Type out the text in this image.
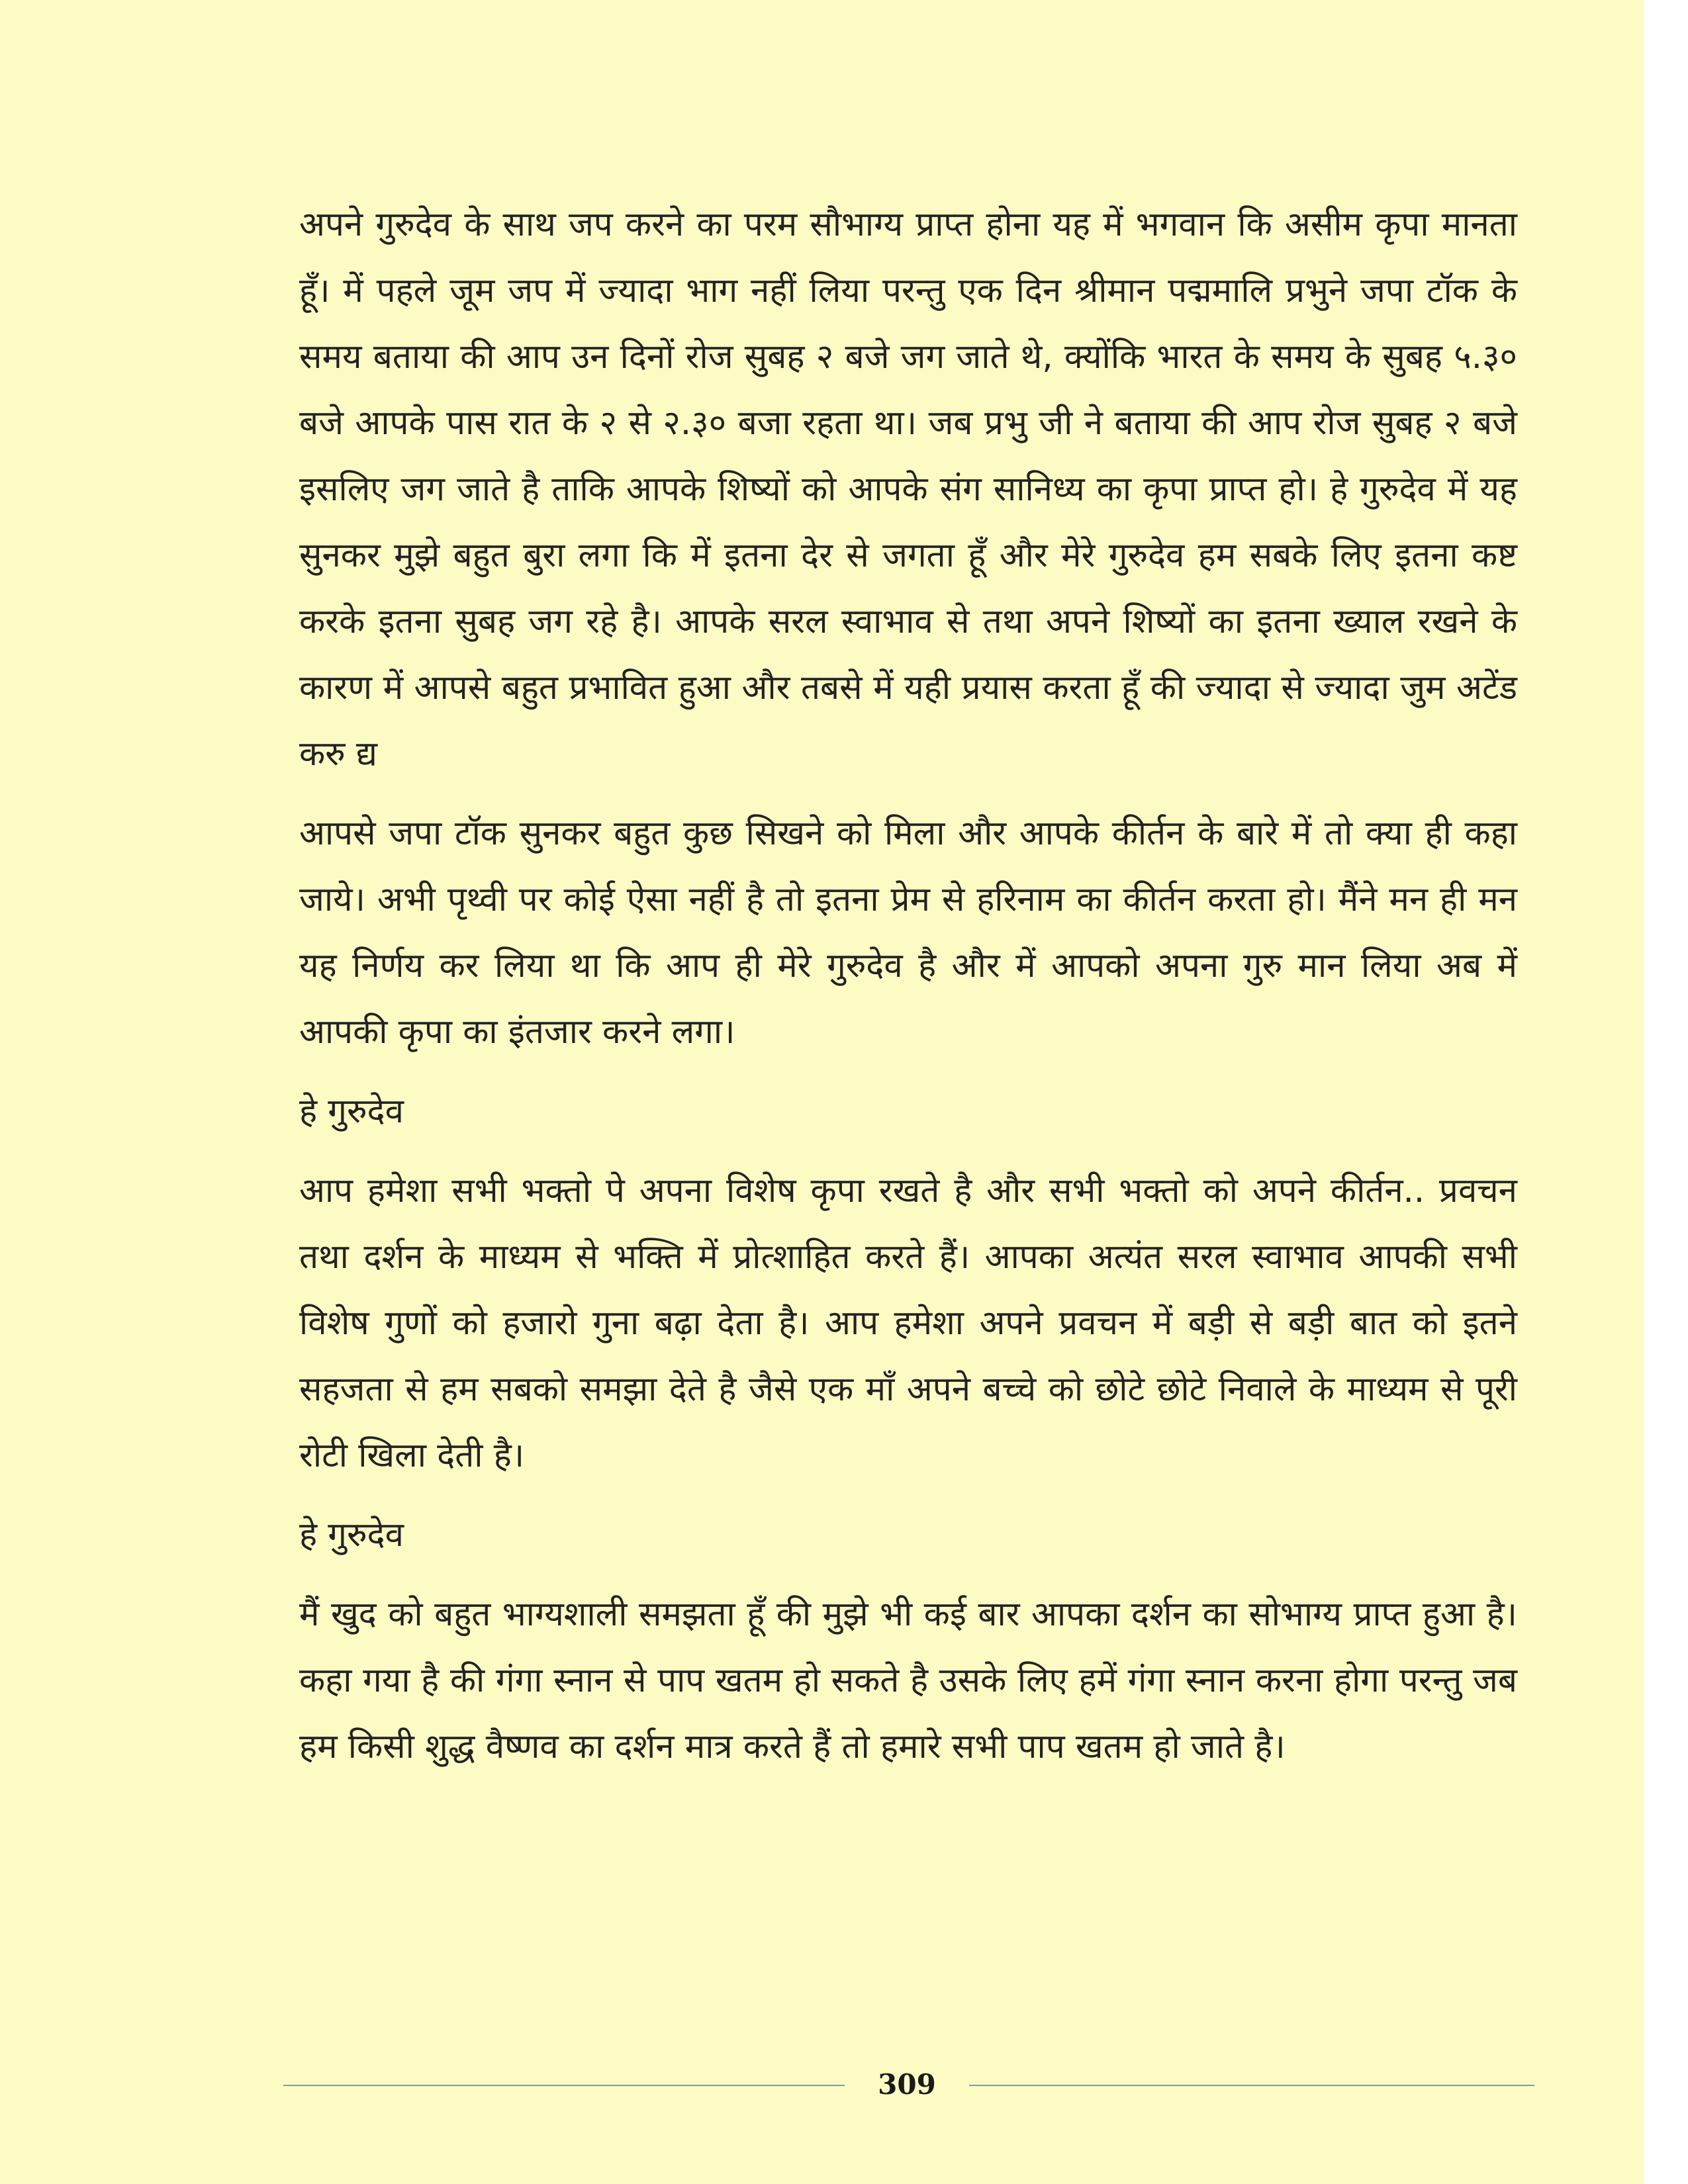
अपने गुरुदेव के साथ जप करने का परम सौभाग्य प्राप्त होना यह में भगवान कि असीम कृपा मानता हूँ। में पहले जूम जप में ज्यादा भाग नहीं लिया परन्तु एक दिन श्रीमान पद्ममालि प्रभुने जपा टॉक के समय बताया की आप उन दिनों रोज सुबह २ बजे जग जाते थे, क्योंकि भारत के समय के सुबह ५.३० बजे आपके पास रात के २ से २.३० बजा रहता था। जब प्रभु जी ने बताया की आप रोज सुबह २ बजे इसलिए जग जाते है ताकि आपके शिष्यों को आपके संग सानिध्य का कृपा प्राप्त हो। हे गुरुदेव में यह सुनकर मुझे बहुत बुरा लगा कि में इतना देर से जगता हूँ और मेरे गुरुदेव हम सबके लिए इतना कष्ट करके इतना सुबह जग रहे है। आपके सरल स्वाभाव से तथा अपने शिष्यों का इतना ख्याल रखने के कारण में आपसे बहुत प्रभावित हुआ और तबसे में यही प्रयास करता हूँ की ज्यादा से ज्यादा जुम अटेंड करु द्य

आपसे जपा टॉक सुनकर बहुत कुछ सिखने को मिला और आपके कीर्तन के बारे में तो क्या ही कहा जाये। अभी पृथ्वी पर कोई ऐसा नहीं है तो इतना प्रेम से हरिनाम का कीर्तन करता हो। मैंने मन ही मन यह निर्णय कर लिया था कि आप ही मेरे गुरुदेव है और में आपको अपना गुरु मान लिया अब में आपकी कृपा का इंतजार करने लगा।

हे गुरुदेव

आप हमेशा सभी भक्तो पे अपना विशेष कृपा रखते है और सभी भक्तो को अपने कीर्तन.. प्रवचन तथा दर्शन के माध्यम से भक्ति में प्रोत्शाहित करते हैं। आपका अत्यंत सरल स्वाभाव आपकी सभी विशेष गुणों को हजारो गुना बढ़ा देता है। आप हमेशा अपने प्रवचन में बड़ी से बड़ी बात को इतने सहजता से हम सबको समझा देते है जैसे एक माँ अपने बच्चे को छोटे छोटे निवाले के माध्यम से पूरी रोटी खिला देती है।

हे गुरुदेव

मैं खुद को बहुत भाग्यशाली समझता हूँ की मुझे भी कई बार आपका दर्शन का सोभाग्य प्राप्त हुआ है। कहा गया है की गंगा स्नान से पाप खतम हो सकते है उसके लिए हमें गंगा स्नान करना होगा परन्तु जब हम किसी शुद्ध वैष्णव का दर्शन मात्र करते हैं तो हमारे सभी पाप खतम हो जाते है।

309
